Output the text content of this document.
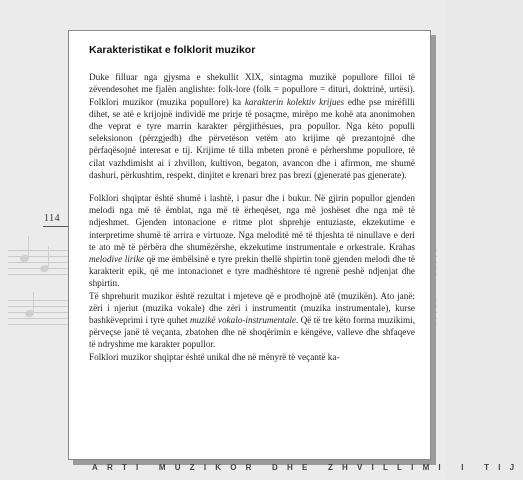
114
Karakteristikat e folklorit muzikor

Duke filluar nga gjysma e shekullit XIX, sintagma muzikë popullore filloi të zëvendesohet me fjalën anglishte: folk-lore (folk = popullore = dituri, doktrinë, urtësi). Folklori muzikor (muzika popullore) ka karakterin kolektiv krijues edhe pse mirëfilli dihet, se atë e krijojnë individë me prirje të posaçme, mirëpo me kohë ata anonimohen dhe veprat e tyre marrin karakter përgjithësues, pra popullor. Nga këto populli seleksionon (përzgjedh) dhe përvetëson vetëm ato krijime që prezantojnë dhe përfaqësojnë interesat e tij. Krijime të tilla mbeten pronë e përhershme popullore, të cilat vazhdimisht ai i zhvillon, kultivon, begaton, avancon dhe i afirmon, me shumë dashuri, përkushtim, respekt, dinjitet e krenari brez pas brezi (gjeneratë pas gjenerate).

Folklori shqiptar është shumë i lashtë, i pasur dhe i bukur. Në gjirin popullor gjenden melodi nga më të ëmblat, nga më të ërheqëset, nga më joshëset dhe nga më të ndjeshmet. Gjenden intonacione e ritme plot shprehje entuziaste, ekzekutime e interpretime shumë të arrira e virtuoze. Nga meloditë më të thjeshta të ninullave e deri te ato më të përbëra dhe shumëzërshe, ekzekutime instrumentale e orkestrale. Krahas melodive lirike që me ëmbëlsinë e tyre prekin thellë shpirtin tonë gjenden melodi dhe të karakterit epik, që me intonacionet e tyre madhështore të ngrenë peshë ndjenjat dhe shpirtin.

Të shprehurit muzikor është rezultat i mjeteve që e prodhojnë atë (muzikën). Ato janë: zëri i njeriut (muzika vokale) dhe zëri i instrumentit (muzika instrumentale), kurse bashkëveprimi i tyre quhet muzikë vokalo-instrumentale. Që të tre këto forma muzikimi, përveçse janë të veçanta, zbatohen dhe në shoqërimin e këngëve, valleve dhe shfaqeve të ndryshme me karakter popullor.

Folklori muzikor shqiptar është unikal dhe në mënyrë të veçantë ka-

ARTI MUZIKOR DHE ZHVILLIMI I TIJ
